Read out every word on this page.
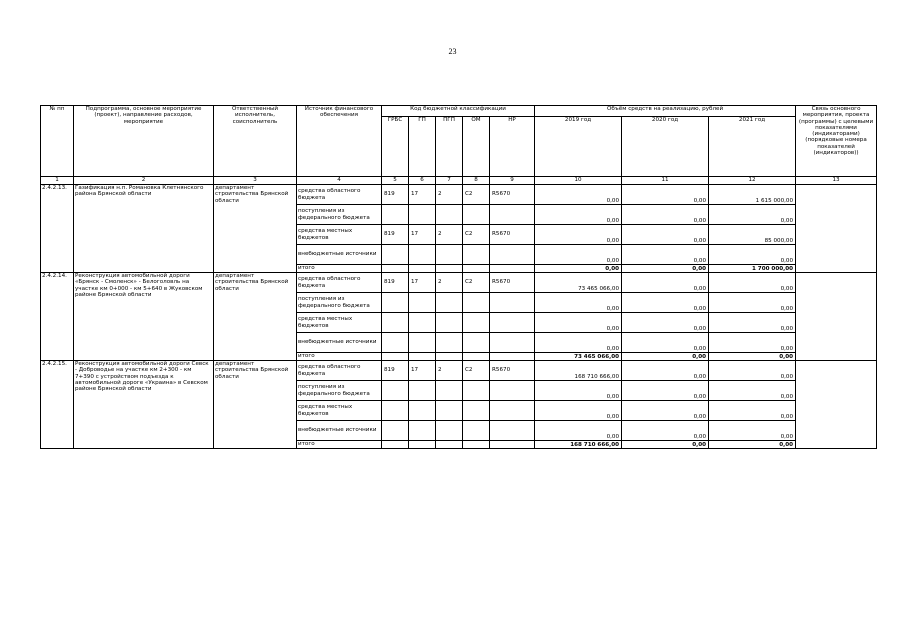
23
№ пп	Подпрограмма, основное мероприятие (проект), направление расходов, мероприятие	Ответственный исполнитель, соисполнитель	Источник финансового обеспечения	Код бюджетной классификации					Объём средств на реализацию, рублей			Связь основного мероприятия, проекта (программы) с целевыми показателями (индикаторами) (порядковые номера показателей (индикаторов))
				ГРБС	ГП	ПГП	ОМ	НР	2019 год	2020 год	2021 год	
1	2	3	4	5	6	7	8	9	10	11	12	13
2.4.2.13.	Газификация н.п. Романовка Клетнянского района Брянской области	департамент строительства Брянской области	средства областного бюджета	819	17	2	С2	R5670	0,00	0,00	1 615 000,00	
			поступления из федерального бюджета						0,00	0,00	0,00	
			средства местных бюджетов	819	17	2	С2	R5670	0,00	0,00	85 000,00	
			внебюджетные источники						0,00	0,00	0,00	
			итого						0,00	0,00	1 700 000,00	
2.4.2.14.	Реконструкция автомобильной дороги «Брянск - Смоленск» - Белоголовль на участке км 0+000 - км 5+640 в Жуковском районе Брянской области	департамент строительства Брянской области	средства областного бюджета	819	17	2	С2	R5670	73 465 066,00	0,00	0,00	
			поступления из федерального бюджета						0,00	0,00	0,00	
			средства местных бюджетов						0,00	0,00	0,00	
			внебюджетные источники						0,00	0,00	0,00	
			итого						73 465 066,00	0,00	0,00	
2.4.2.15.	Реконструкция автомобильной дороги Севск - Доброводье на участке км 2+300 - км 7+390 с устройством подъезда к автомобильной дороге «Украина» в Севском районе Брянской области	департамент строительства Брянской области	средства областного бюджета	819	17	2	С2	R5670	168 710 666,00	0,00	0,00	
			поступления из федерального бюджета						0,00	0,00	0,00	
			средства местных бюджетов						0,00	0,00	0,00	
			внебюджетные источники						0,00	0,00	0,00	
			итого						168 710 666,00	0,00	0,00	
